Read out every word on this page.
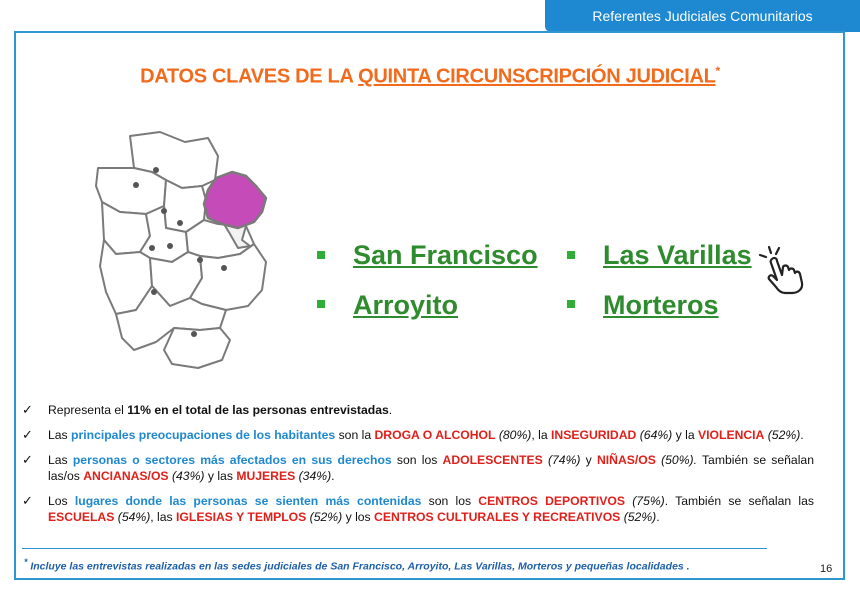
Referentes Judiciales Comunitarios
DATOS CLAVES DE LA QUINTA CIRCUNSCRIPCIÓN JUDICIAL*
San Francisco Las Varillas
Arroyito	Morteros
✓	Representa el 11% en el total de las personas entrevistadas.
✓	Las principales preocupaciones de los habitantes son la DROGA O ALCOHOL (80%), la INSEGURIDAD (64%) y la VIOLENCIA (52%).
✓	Las personas o sectores más afectados en sus derechos son los ADOLESCENTES (74%) y NIÑAS/OS (50%). También se señalan las/os ANCIANAS/OS (43%) y las MUJERES (34%).
✓	Los lugares donde las personas se sienten más contenidas son los CENTROS DEPORTIVOS (75%). También se señalan las ESCUELAS (54%), las IGLESIAS Y TEMPLOS (52%) y los CENTROS CULTURALES Y RECREATIVOS (52%).
* Incluye las entrevistas realizadas en las sedes judiciales de San Francisco, Arroyito, Las Varillas, Morteros y pequeñas localidades .	16
